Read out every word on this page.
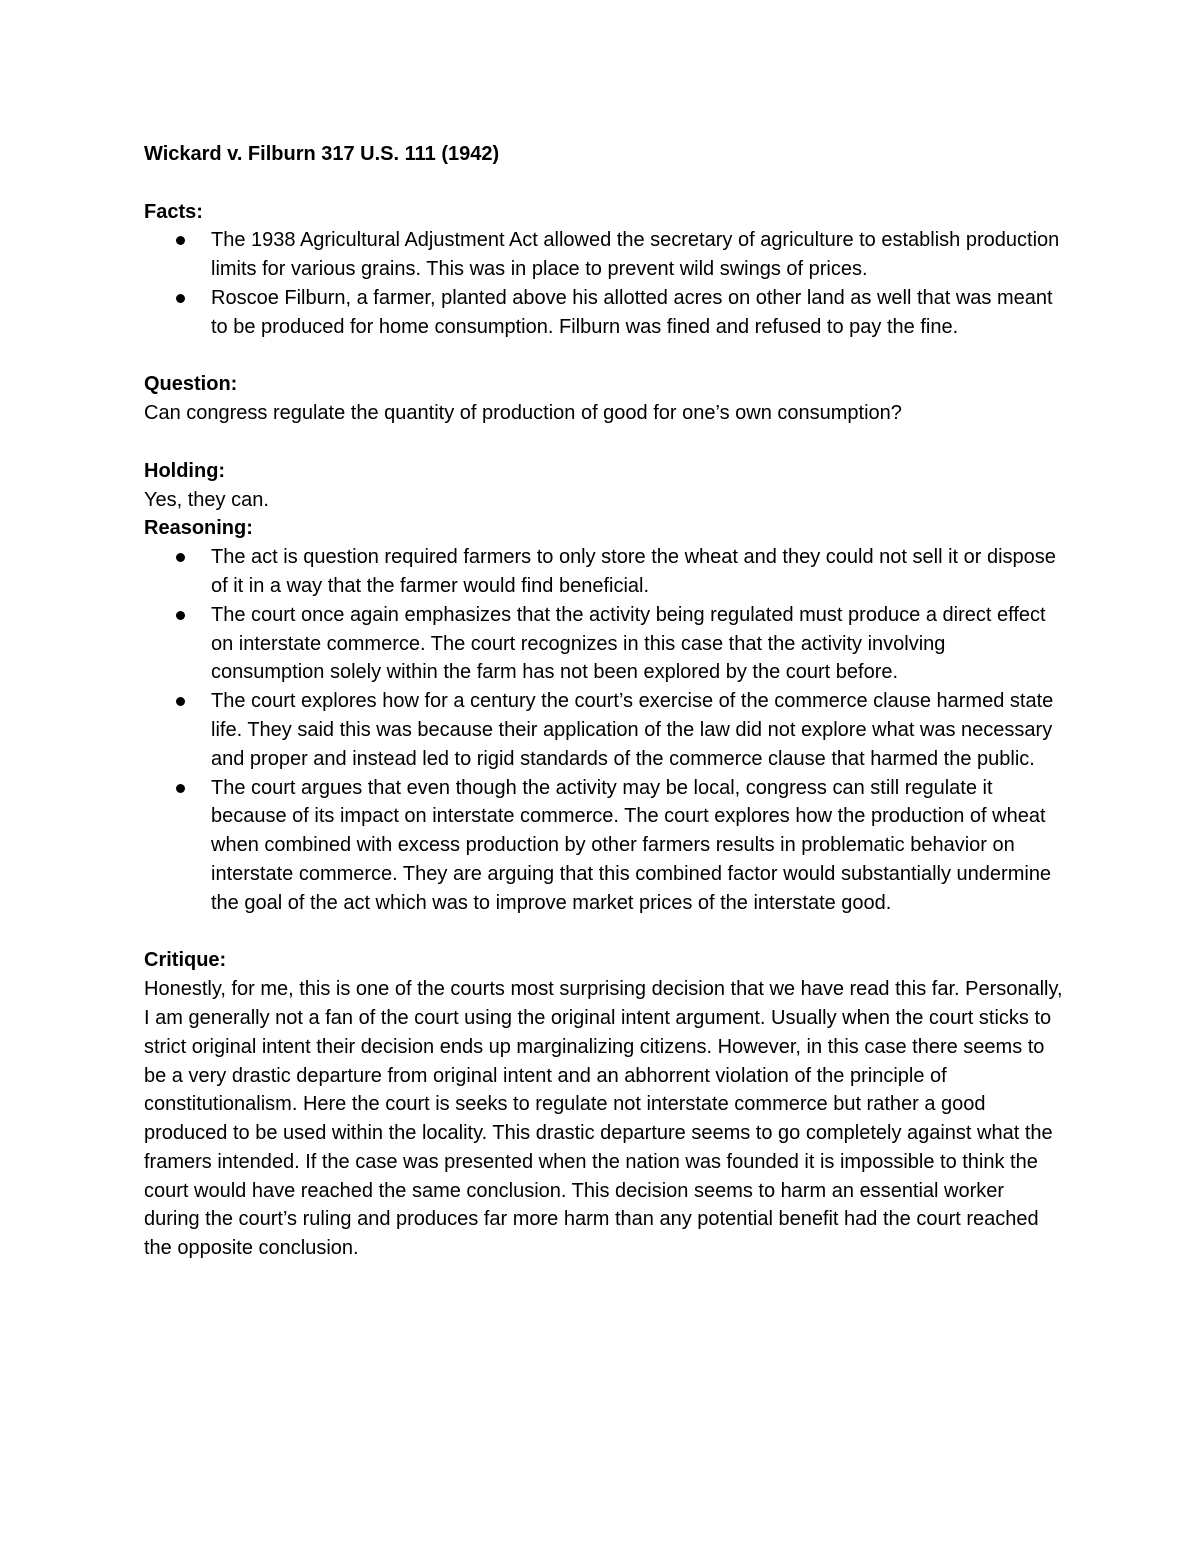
Wickard v. Filburn 317 U.S. 111 (1942)

Facts:

The 1938 Agricultural Adjustment Act allowed the secretary of agriculture to establish production limits for various grains. This was in place to prevent wild swings of prices.
Roscoe Filburn, a farmer, planted above his allotted acres on other land as well that was meant to be produced for home consumption. Filburn was fined and refused to pay the fine.

Question:

Can congress regulate the quantity of production of good for one’s own consumption?

Holding:

Yes, they can.

Reasoning:

The act is question required farmers to only store the wheat and they could not sell it or dispose of it in a way that the farmer would find beneficial.
The court once again emphasizes that the activity being regulated must produce a direct effect on interstate commerce. The court recognizes in this case that the activity involving consumption solely within the farm has not been explored by the court before.
The court explores how for a century the court’s exercise of the commerce clause harmed state life. They said this was because their application of the law did not explore what was necessary and proper and instead led to rigid standards of the commerce clause that harmed the public.
The court argues that even though the activity may be local, congress can still regulate it because of its impact on interstate commerce. The court explores how the production of wheat when combined with excess production by other farmers results in problematic behavior on interstate commerce. They are arguing that this combined factor would substantially undermine the goal of the act which was to improve market prices of the interstate good.

Critique:

Honestly, for me, this is one of the courts most surprising decision that we have read this far. Personally, I am generally not a fan of the court using the original intent argument. Usually when the court sticks to strict original intent their decision ends up marginalizing citizens. However, in this case there seems to be a very drastic departure from original intent and an abhorrent violation of the principle of constitutionalism. Here the court is seeks to regulate not interstate commerce but rather a good produced to be used within the locality. This drastic departure seems to go completely against what the framers intended. If the case was presented when the nation was founded it is impossible to think the court would have reached the same conclusion. This decision seems to harm an essential worker during the court’s ruling and produces far more harm than any potential benefit had the court reached the opposite conclusion.
